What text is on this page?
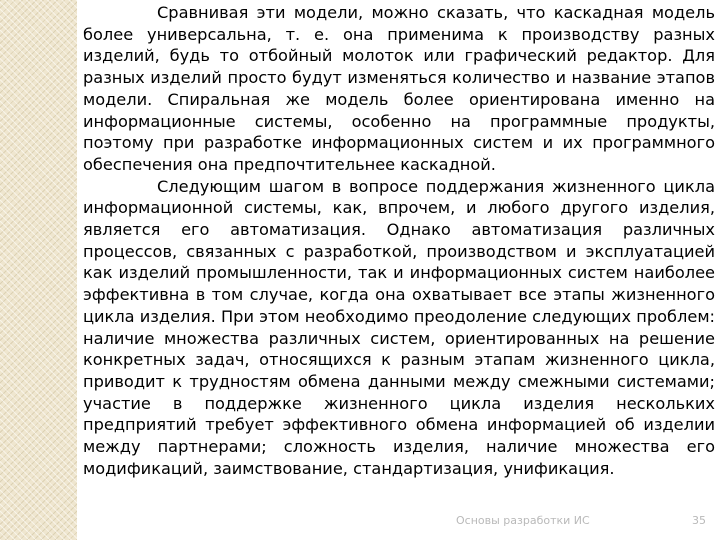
Сравнивая эти модели, можно сказать, что каскадная модель более универсальна, т. е. она применима к производству разных изделий, будь то отбойный молоток или графический редактор. Для разных изделий просто будут изменяться количество и название этапов модели. Спиральная же модель более ориентирована именно на информационные системы, особенно на программные продукты, поэтому при разработке информационных систем и их программного обеспечения она предпочтительнее каскадной.

Следующим шагом в вопросе поддержания жизненного цикла информационной системы, как, впрочем, и любого другого изделия, является его автоматизация. Однако автоматизация различных процессов, связанных с разработкой, производством и эксплуатацией как изделий промышленности, так и информационных систем наиболее эффективна в том случае, когда она охватывает все этапы жизненного цикла изделия. При этом необходимо преодоление следующих проблем: наличие множества различных систем, ориентированных на решение конкретных задач, относящихся к разным этапам жизненного цикла, приводит к трудностям обмена данными между смежными системами; участие в поддержке жизненного цикла изделия нескольких предприятий требует эффективного обмена информацией об изделии между партнерами; сложность изделия, наличие множества его модификаций, заимствование, стандартизация, унификация.

Основы разработки ИС	35
